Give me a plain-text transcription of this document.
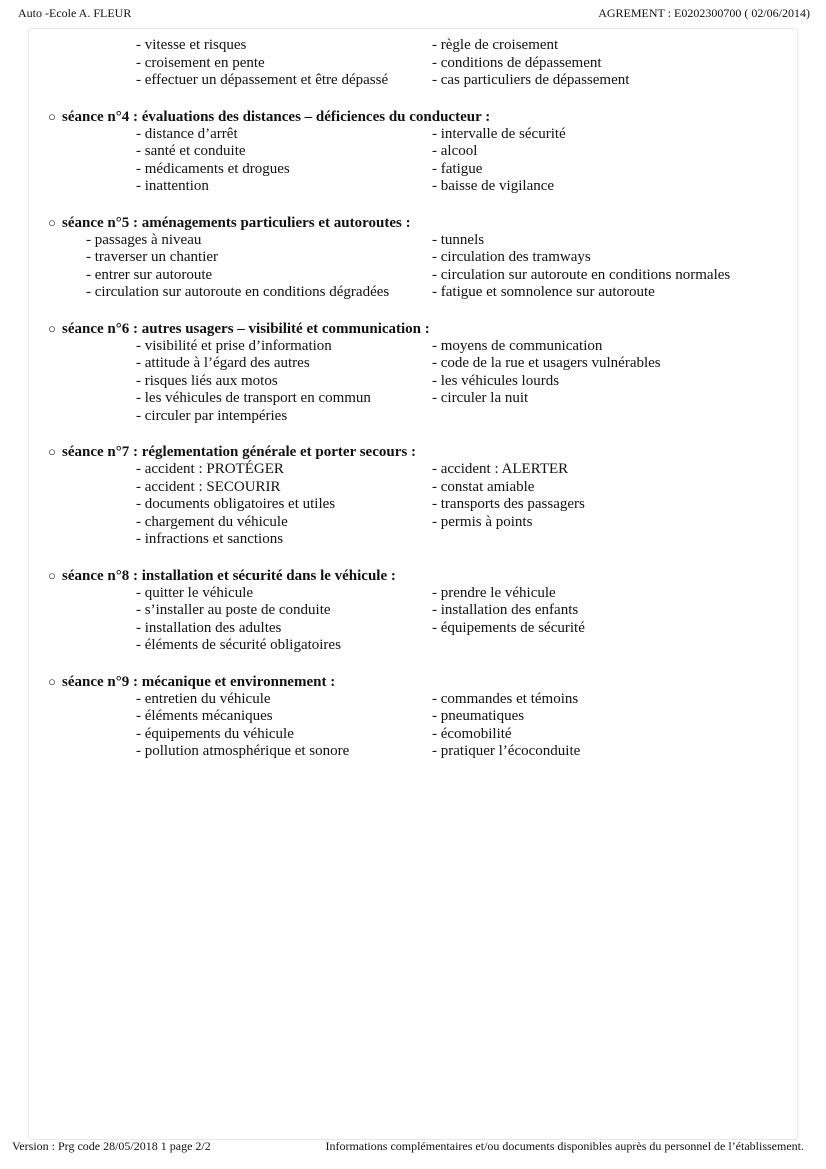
Auto -Ecole A. FLEUR	AGREMENT : E0202300700 ( 02/06/2014)
- vitesse et risques	- règle de croisement
- croisement en pente	- conditions de dépassement
- effectuer un dépassement et être dépassé	- cas particuliers de dépassement
○ séance n°4 : évaluations des distances – déficiences du conducteur :
- distance d’arrêt	- intervalle de sécurité
- santé et conduite	- alcool
- médicaments et drogues	- fatigue
- inattention	- baisse de vigilance
○ séance n°5 : aménagements particuliers et autoroutes :
- passages à niveau	- tunnels
- traverser un chantier	- circulation des tramways
- entrer sur autoroute	- circulation sur autoroute en conditions normales
- circulation sur autoroute en conditions dégradées	- fatigue et somnolence sur autoroute
○ séance n°6 : autres usagers – visibilité et communication :
- visibilité et prise d’information	- moyens de communication
- attitude à l’égard des autres	- code de la rue et usagers vulnérables
- risques liés aux motos	- les véhicules lourds
- les véhicules de transport en commun	- circuler la nuit
- circuler par intempéries
○ séance n°7 : réglementation générale et porter secours :
- accident : PROTÉGER	- accident : ALERTER
- accident : SECOURIR	- constat amiable
- documents obligatoires et utiles	- transports des passagers
- chargement du véhicule	- permis à points
- infractions et sanctions
○ séance n°8 : installation et sécurité dans le véhicule :
- quitter le véhicule	- prendre le véhicule
- s’installer au poste de conduite	- installation des enfants
- installation des adultes	- équipements de sécurité
- éléments de sécurité obligatoires
○ séance n°9 : mécanique et environnement :
- entretien du véhicule	- commandes et témoins
- éléments mécaniques	- pneumatiques
- équipements du véhicule	- écomobilité
- pollution atmosphérique et sonore	- pratiquer l’écoconduite
Version : Prg code 28/05/2018 1 page 2/2	Informations complémentaires et/ou documents disponibles auprès du personnel de l’établissement.
